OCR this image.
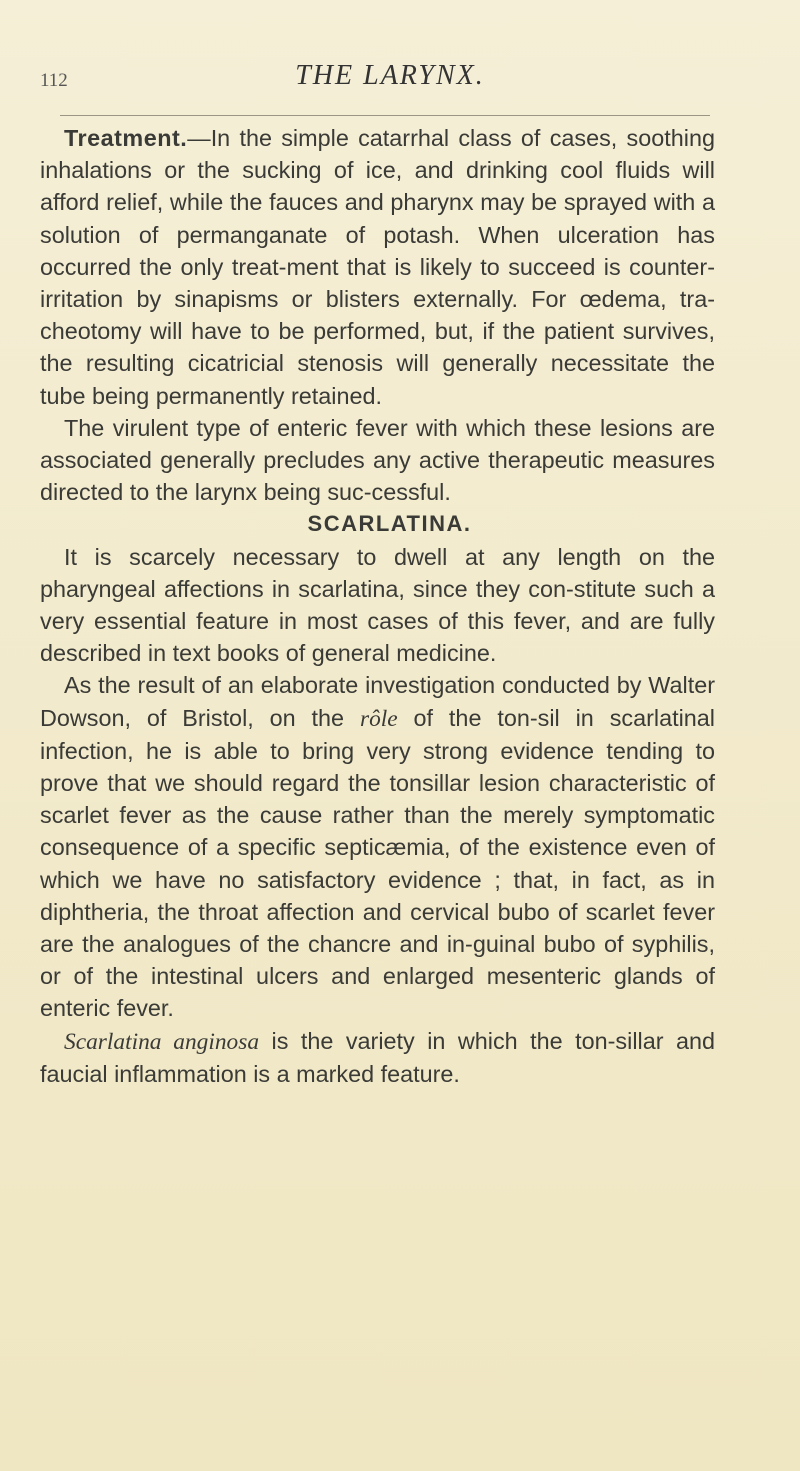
112	THE LARYNX.

Treatment.—In the simple catarrhal class of cases, soothing inhalations or the sucking of ice, and drinking cool fluids will afford relief, while the fauces and pharynx may be sprayed with a solution of permanganate of potash. When ulceration has occurred the only treat-ment that is likely to succeed is counter-irritation by sinapisms or blisters externally. For œdema, tra-cheotomy will have to be performed, but, if the patient survives, the resulting cicatricial stenosis will generally necessitate the tube being permanently retained.

The virulent type of enteric fever with which these lesions are associated generally precludes any active therapeutic measures directed to the larynx being suc-cessful.

SCARLATINA.

It is scarcely necessary to dwell at any length on the pharyngeal affections in scarlatina, since they con-stitute such a very essential feature in most cases of this fever, and are fully described in text books of general medicine.

As the result of an elaborate investigation conducted by Walter Dowson, of Bristol, on the rôle of the ton-sil in scarlatinal infection, he is able to bring very strong evidence tending to prove that we should regard the tonsillar lesion characteristic of scarlet fever as the cause rather than the merely symptomatic consequence of a specific septicæmia, of the existence even of which we have no satisfactory evidence ; that, in fact, as in diphtheria, the throat affection and cervical bubo of scarlet fever are the analogues of the chancre and in-guinal bubo of syphilis, or of the intestinal ulcers and enlarged mesenteric glands of enteric fever.

Scarlatina anginosa is the variety in which the ton-sillar and faucial inflammation is a marked feature.
